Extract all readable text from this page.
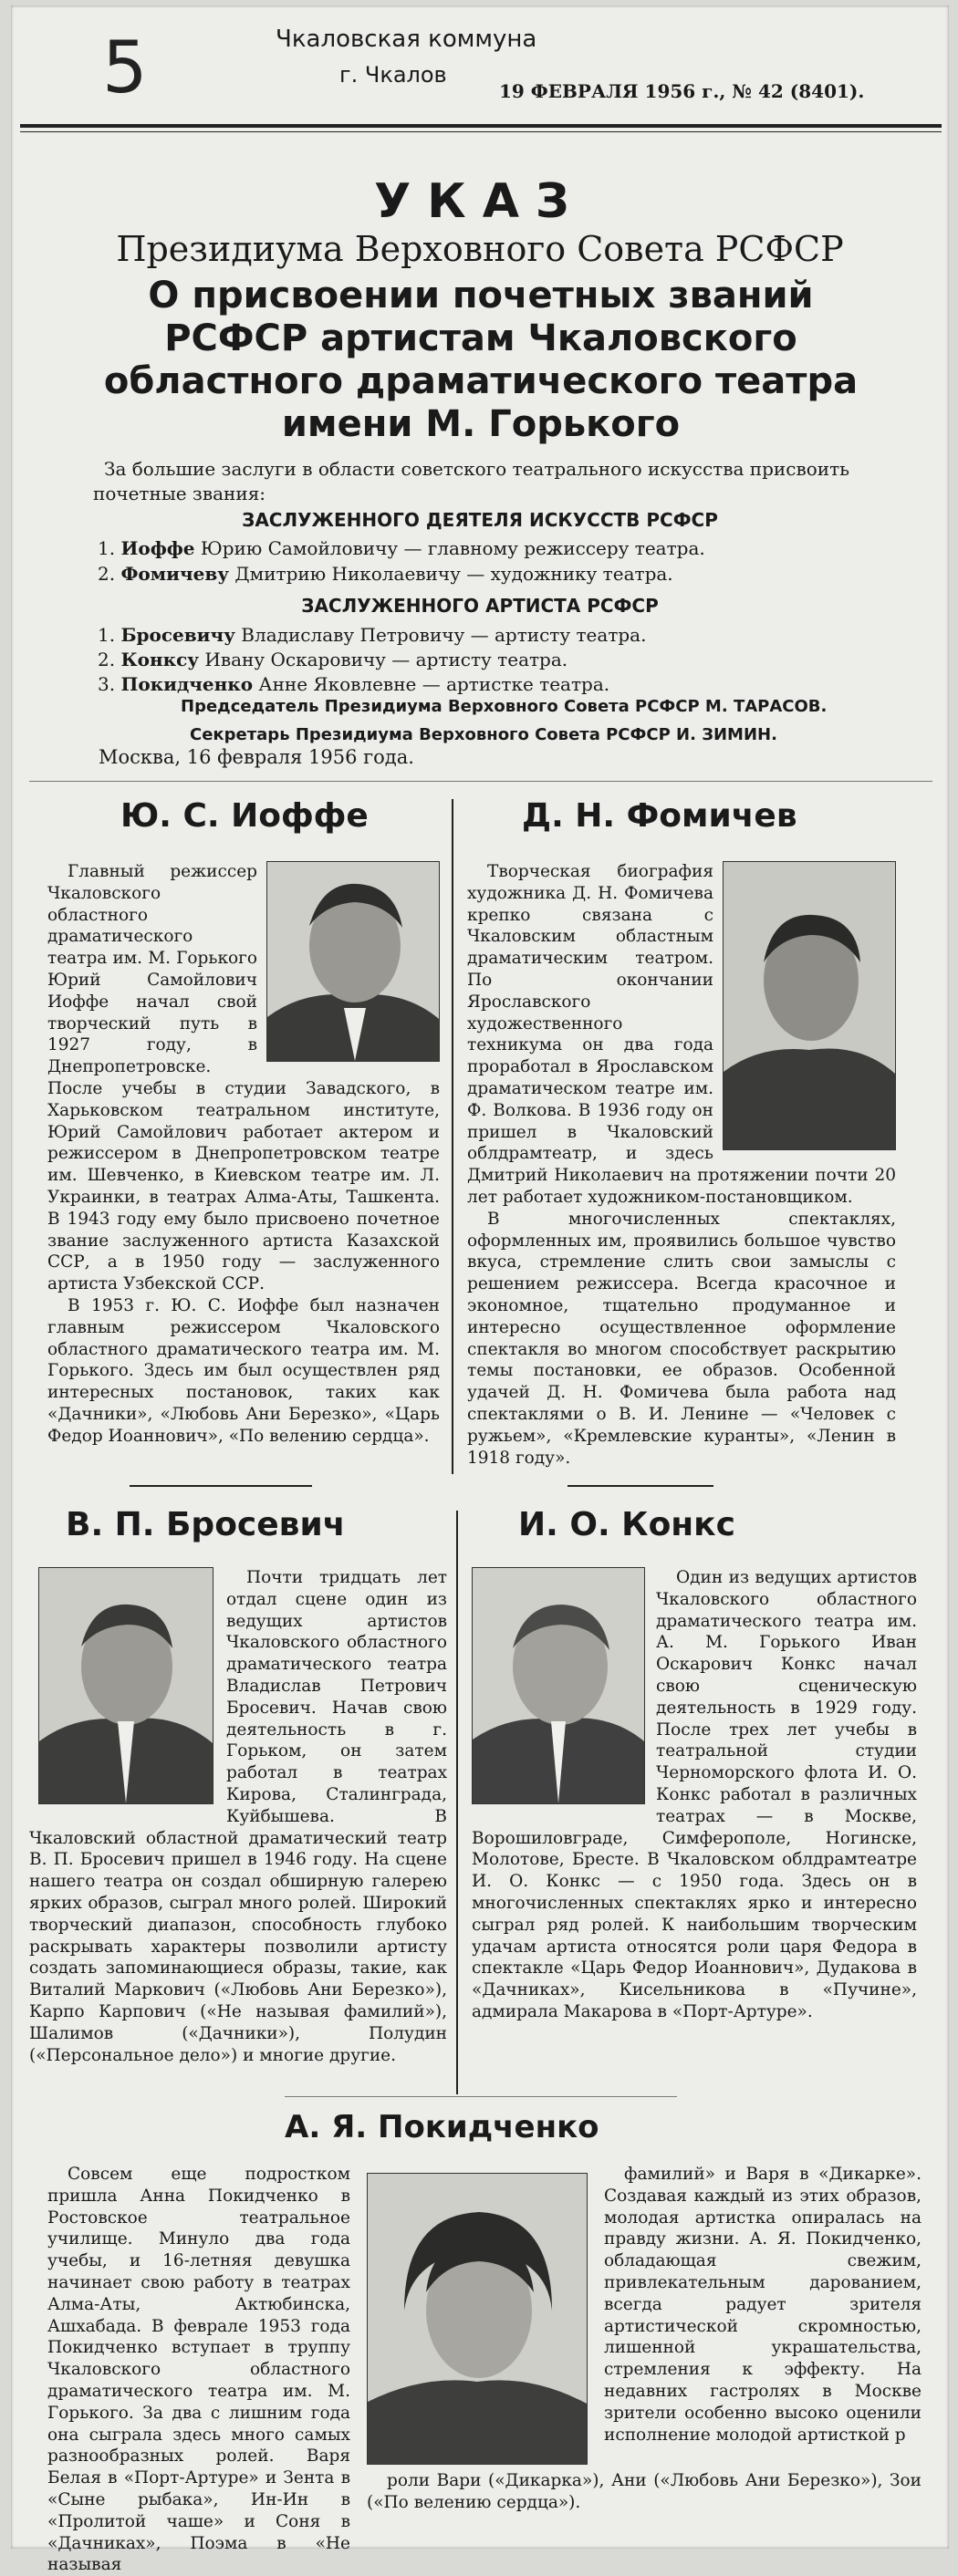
5	Чкаловская коммуна
г. Чкалов
19 ФЕВРАЛЯ 1956 г., № 42 (8401).
УКАЗ
Президиума Верховного Совета РСФСР
О присвоении почетных званий РСФСР артистам Чкаловского областного драматического театра имени М. Горького
За большие заслуги в области советского театрального искусства присвоить почетные звания:
ЗАСЛУЖЕННОГО ДЕЯТЕЛЯ ИСКУССТВ РСФСР
1. Иоффе Юрию Самойловичу — главному режиссеру театра.
2. Фомичеву Дмитрию Николаевичу — художнику театра.
ЗАСЛУЖЕННОГО АРТИСТА РСФСР
1. Бросевичу Владиславу Петровичу — артисту театра.
2. Конксу Ивану Оскаровичу — артисту театра.
3. Покидченко Анне Яковлевне — артистке театра.
Председатель Президиума Верховного Совета РСФСР М. ТАРАСОВ.
Секретарь Президиума Верховного Совета РСФСР И. ЗИМИН.
Москва, 16 февраля 1956 года.
Ю. С. Иоффе

Главный режиссер Чкаловского областного драматического театра им. М. Горького Юрий Самойлович Иоффе начал свой творческий путь в 1927 году, в Днепропетровске. После учебы в студии Завадского, в Харьковском театральном институте, Юрий Самойлович работает актером и режиссером в Днепропетровском театре им. Шевченко, в Киевском театре им. Л. Украинки, в театрах Алма-Аты, Ташкента. В 1943 году ему было присвоено почетное звание заслуженного артиста Казахской ССР, а в 1950 году — заслуженного артиста Узбекской ССР.

В 1953 г. Ю. С. Иоффе был назначен главным режиссером Чкаловского областного драматического театра им. М. Горького. Здесь им был осуществлен ряд интересных постановок, таких как «Дачники», «Любовь Ани Березко», «Царь Федор Иоаннович», «По велению сердца».

Д. Н. Фомичев

Творческая биография художника Д. Н. Фомичева крепко связана с Чкаловским областным драматическим театром. По окончании Ярославского художественного техникума он два года проработал в Ярославском драматическом театре им. Ф. Волкова. В 1936 году он пришел в Чкаловский облдрамтеатр, и здесь Дмитрий Николаевич на протяжении почти 20 лет работает художником-постановщиком.

В многочисленных спектаклях, оформленных им, проявились большое чувство вкуса, стремление слить свои замыслы с решением режиссера. Всегда красочное и экономное, тщательно продуманное и интересно осуществленное оформление спектакля во многом способствует раскрытию темы постановки, ее образов. Особенной удачей Д. Н. Фомичева была работа над спектаклями о В. И. Ленине — «Человек с ружьем», «Кремлевские куранты», «Ленин в 1918 году».

В. П. Бросевич

Почти тридцать лет отдал сцене один из ведущих артистов Чкаловского областного драматического театра Владислав Петрович Бросевич. Начав свою деятельность в г. Горьком, он затем работал в театрах Кирова, Сталинграда, Куйбышева. В Чкаловский областной драматический театр В. П. Бросевич пришел в 1946 году. На сцене нашего театра он создал обширную галерею ярких образов, сыграл много ролей. Широкий творческий диапазон, способность глубоко раскрывать характеры позволили артисту создать запоминающиеся образы, такие, как Виталий Маркович («Любовь Ани Березко»), Карпо Карпович («Не называя фамилий»), Шалимов («Дачники»), Полудин («Персональное дело») и многие другие.

И. О. Конкс

Один из ведущих артистов Чкаловского областного драматического театра им. А. М. Горького Иван Оскарович Конкс начал свою сценическую деятельность в 1929 году. После трех лет учебы в театральной студии Черноморского флота И. О. Конкс работал в различных театрах — в Москве, Ворошиловграде, Симферополе, Ногинске, Молотове, Бресте. В Чкаловском облдрамтеатре И. О. Конкс — с 1950 года. Здесь он в многочисленных спектаклях ярко и интересно сыграл ряд ролей. К наибольшим творческим удачам артиста относятся роли царя Федора в спектакле «Царь Федор Иоаннович», Дудакова в «Дачниках», Кисельникова в «Пучине», адмирала Макарова в «Порт-Артуре».

А. Я. Покидченко

Совсем еще подростком пришла Анна Покидченко в Ростовское театральное училище. Минуло два года учебы, и 16-летняя девушка начинает свою работу в театрах Алма-Аты, Актюбинска, Ашхабада. В феврале 1953 года Покидченко вступает в труппу Чкаловского областного драматического театра им. М. Горького. За два с лишним года она сыграла здесь много самых разнообразных ролей. Варя Белая в «Порт-Артуре» и Зента в «Сыне рыбака», Ин-Ин в «Пролитой чаше» и Соня в «Дачниках», Поэма в «Не называя

фамилий» и Варя в «Дикарке». Создавая каждый из этих образов, молодая артистка опиралась на правду жизни. А. Я. Покидченко, обладающая свежим, привлекательным дарованием, всегда радует зрителя артистической скромностью, лишенной украшательства, стремления к эффекту. На недавних гастролях в Москве зрители особенно высоко оценили исполнение молодой артисткой р

роли Вари («Дикарка»), Ани («Любовь Ани Березко»), Зои («По велению сердца»).
